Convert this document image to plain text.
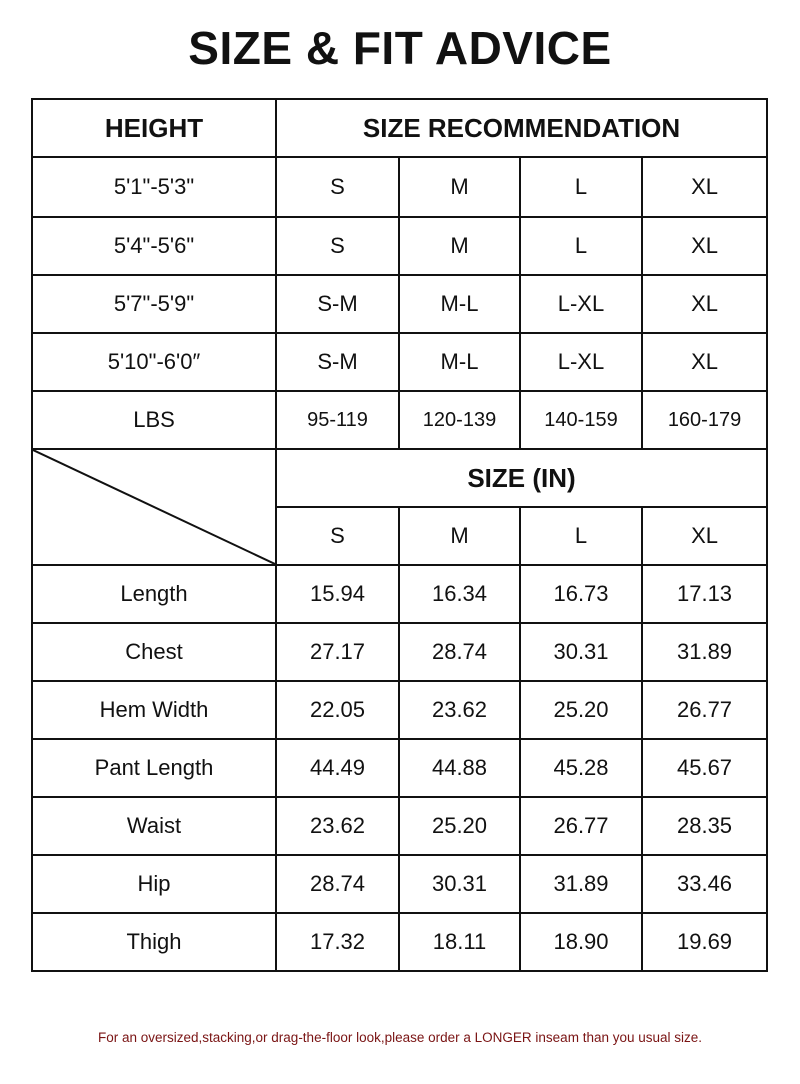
SIZE & FIT ADVICE
HEIGHT	SIZE RECOMMENDATION			
5'1"-5'3"	S	M	L	XL
5'4"-5'6"	S	M	L	XL
5'7"-5'9"	S-M	M-L	L-XL	XL
5'10"-6'0″	S-M	M-L	L-XL	XL
LBS	95-119	120-139	140-159	160-179

	SIZE (IN)			
	S	M	L	XL
Length	15.94	16.34	16.73	17.13
Chest	27.17	28.74	30.31	31.89
Hem Width	22.05	23.62	25.20	26.77
Pant Length	44.49	44.88	45.28	45.67
Waist	23.62	25.20	26.77	28.35
Hip	28.74	30.31	31.89	33.46
Thigh	17.32	18.11	18.90	19.69
For an oversized,stacking,or drag-the-floor look,please order a LONGER inseam than you usual size.
